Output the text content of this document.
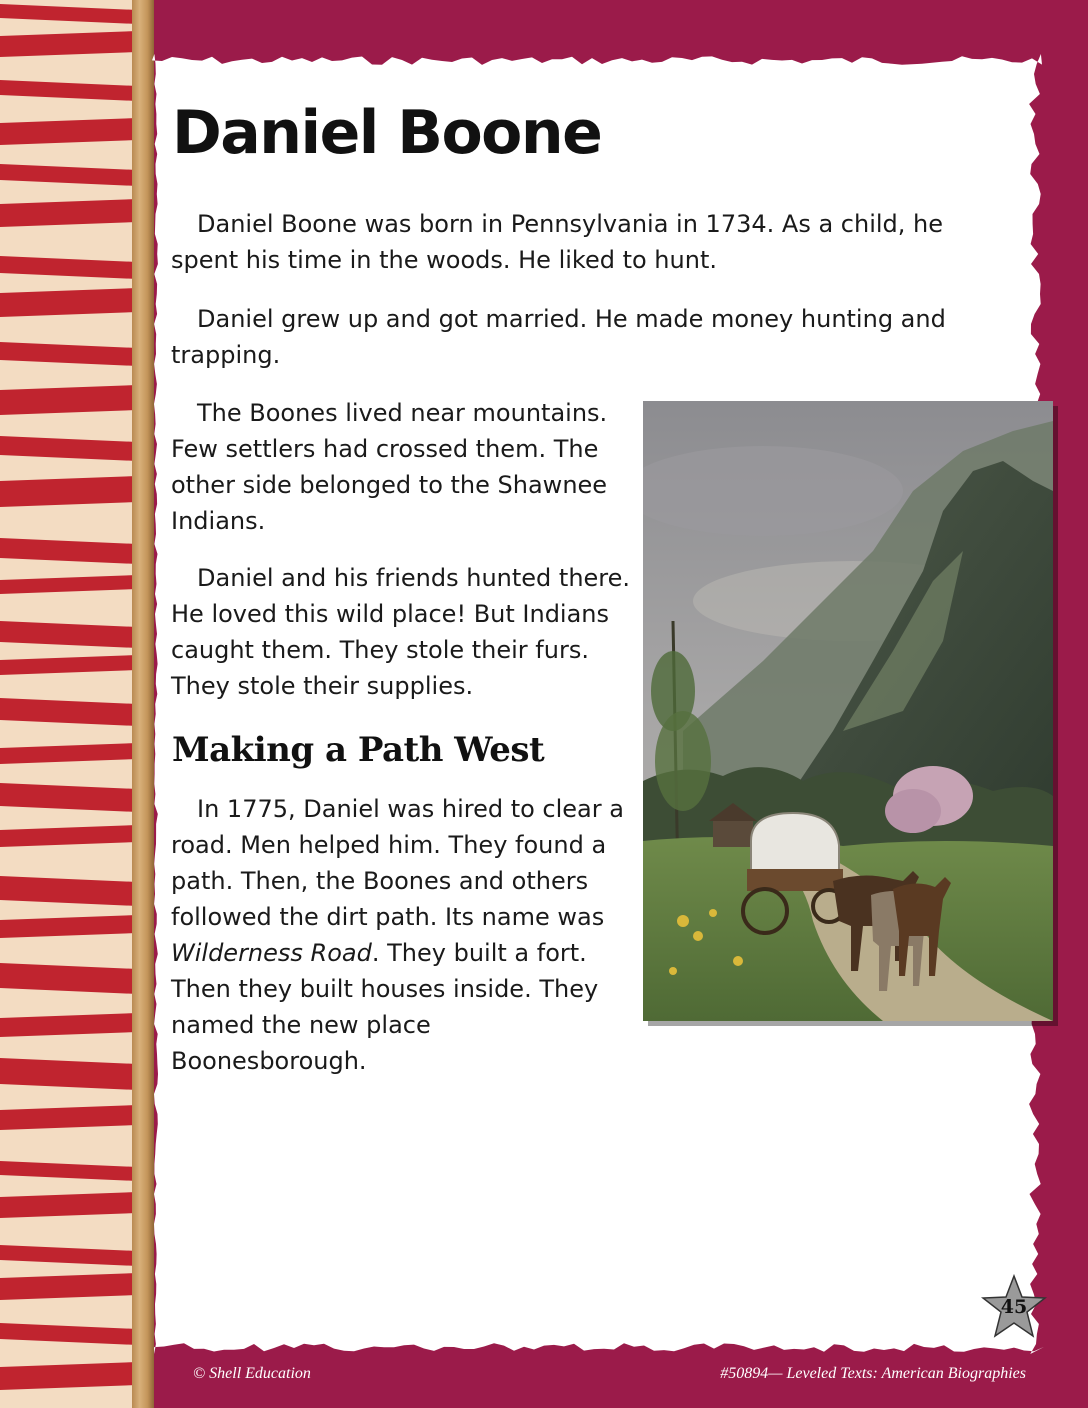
Daniel Boone

Daniel Boone was born in Pennsylvania in 1734. As a child, he spent his time in the woods. He liked to hunt.

Daniel grew up and got married. He made money hunting and trapping.

The Boones lived near mountains. Few settlers had crossed them. The other side belonged to the Shawnee Indians.

Daniel and his friends hunted there. He loved this wild place! But Indians caught them. They stole their furs. They stole their supplies.

Making a Path West

In 1775, Daniel was hired to clear a road. Men helped him. They found a path. Then, the Boones and others followed the dirt path. Its name was Wilderness Road. They built a fort. Then they built houses inside. They named the new place Boonesborough.

45
© Shell Education	#50894— Leveled Texts: American Biographies
